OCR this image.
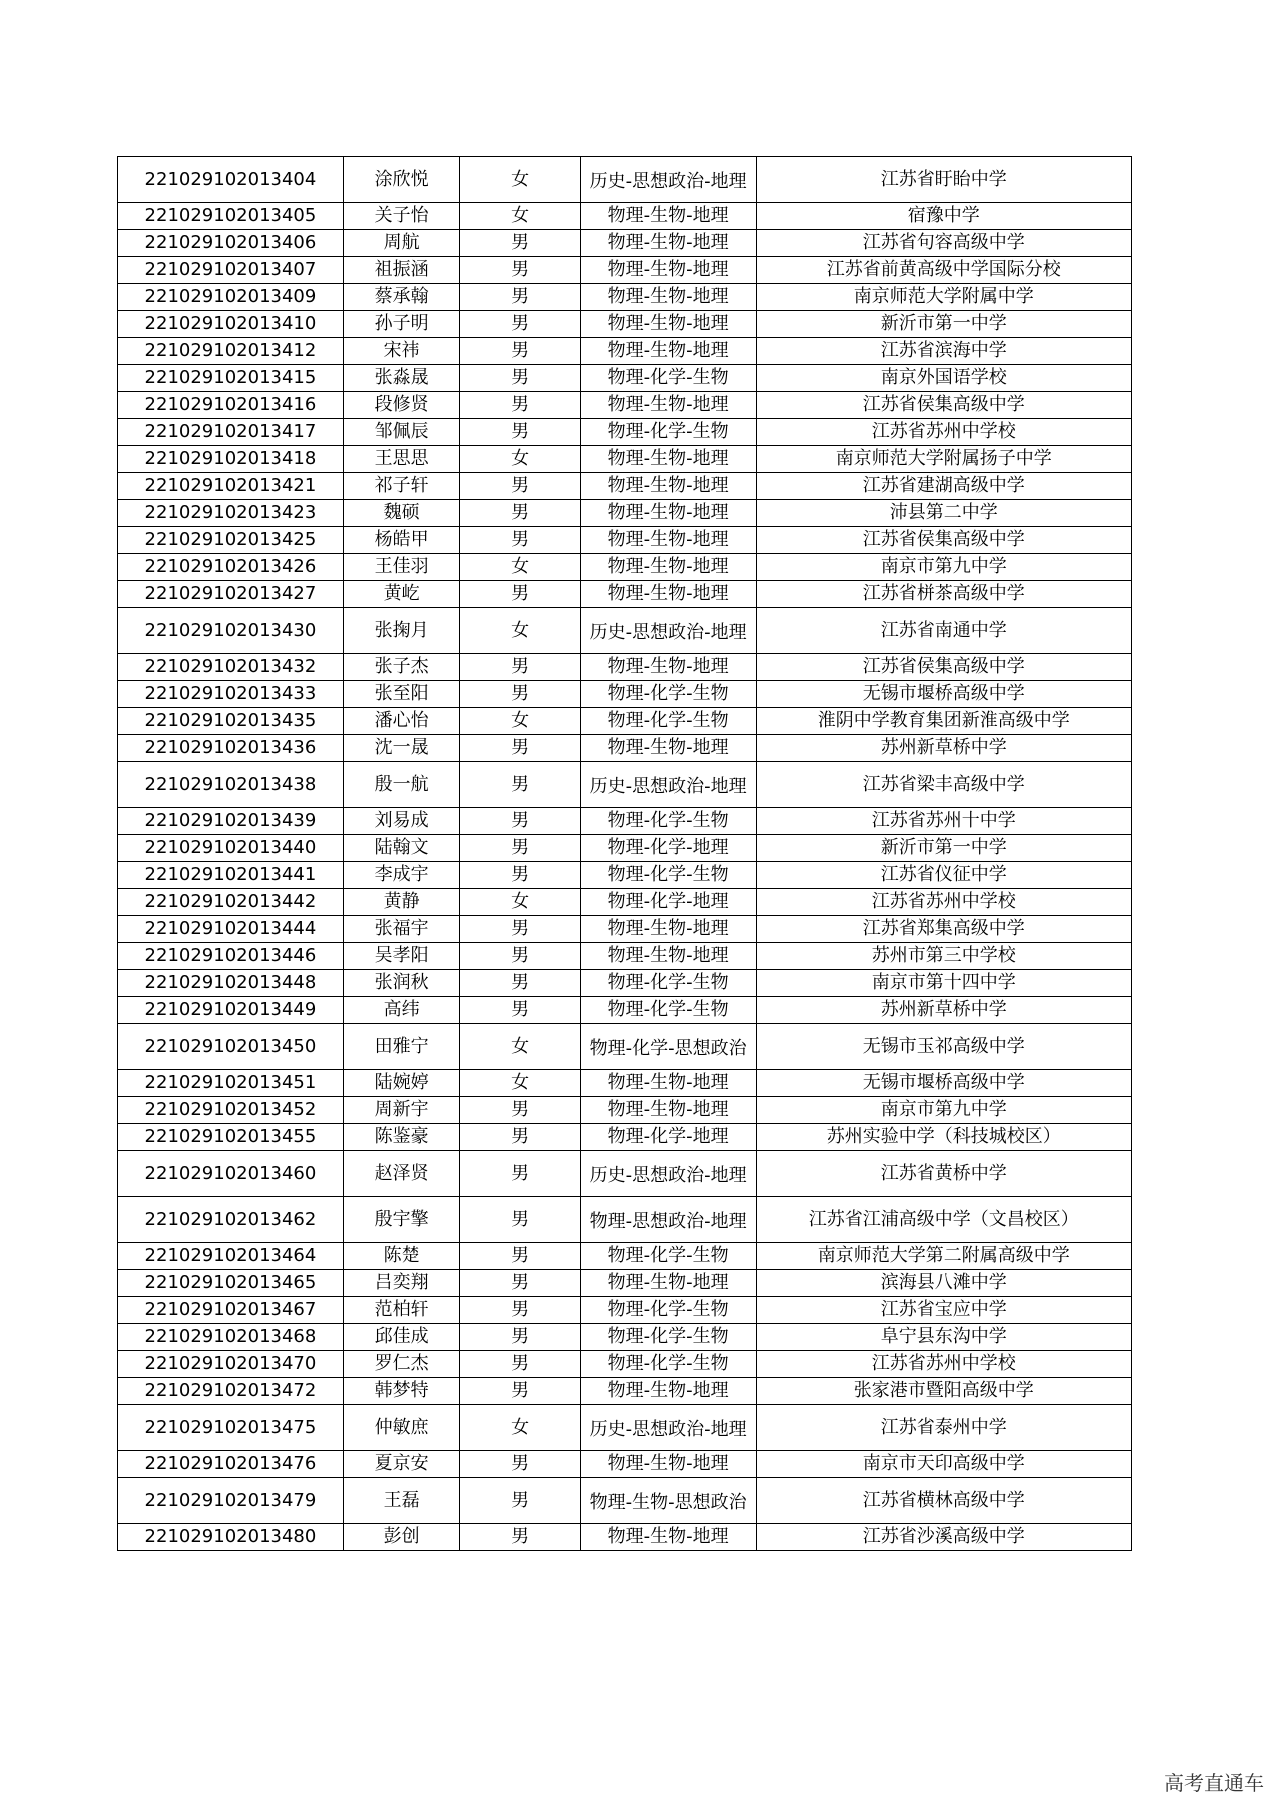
221029102013404	涂欣悦	女	历史-思想政治-地理	江苏省盱眙中学
221029102013405	关子怡	女	物理-生物-地理	宿豫中学
221029102013406	周航	男	物理-生物-地理	江苏省句容高级中学
221029102013407	祖振涵	男	物理-生物-地理	江苏省前黄高级中学国际分校
221029102013409	蔡承翰	男	物理-生物-地理	南京师范大学附属中学
221029102013410	孙子明	男	物理-生物-地理	新沂市第一中学
221029102013412	宋祎	男	物理-生物-地理	江苏省滨海中学
221029102013415	张淼晟	男	物理-化学-生物	南京外国语学校
221029102013416	段修贤	男	物理-生物-地理	江苏省侯集高级中学
221029102013417	邹佩辰	男	物理-化学-生物	江苏省苏州中学校
221029102013418	王思思	女	物理-生物-地理	南京师范大学附属扬子中学
221029102013421	祁子轩	男	物理-生物-地理	江苏省建湖高级中学
221029102013423	魏硕	男	物理-生物-地理	沛县第二中学
221029102013425	杨皓甲	男	物理-生物-地理	江苏省侯集高级中学
221029102013426	王佳羽	女	物理-生物-地理	南京市第九中学
221029102013427	黄屹	男	物理-生物-地理	江苏省栟茶高级中学
221029102013430	张掬月	女	历史-思想政治-地理	江苏省南通中学
221029102013432	张子杰	男	物理-生物-地理	江苏省侯集高级中学
221029102013433	张至阳	男	物理-化学-生物	无锡市堰桥高级中学
221029102013435	潘心怡	女	物理-化学-生物	淮阴中学教育集团新淮高级中学
221029102013436	沈一晟	男	物理-生物-地理	苏州新草桥中学
221029102013438	殷一航	男	历史-思想政治-地理	江苏省梁丰高级中学
221029102013439	刘易成	男	物理-化学-生物	江苏省苏州十中学
221029102013440	陆翰文	男	物理-化学-地理	新沂市第一中学
221029102013441	李成宇	男	物理-化学-生物	江苏省仪征中学
221029102013442	黄静	女	物理-化学-地理	江苏省苏州中学校
221029102013444	张福宇	男	物理-生物-地理	江苏省郑集高级中学
221029102013446	吴孝阳	男	物理-生物-地理	苏州市第三中学校
221029102013448	张润秋	男	物理-化学-生物	南京市第十四中学
221029102013449	高纬	男	物理-化学-生物	苏州新草桥中学
221029102013450	田雅宁	女	物理-化学-思想政治	无锡市玉祁高级中学
221029102013451	陆婉婷	女	物理-生物-地理	无锡市堰桥高级中学
221029102013452	周新宇	男	物理-生物-地理	南京市第九中学
221029102013455	陈鉴豪	男	物理-化学-地理	苏州实验中学（科技城校区）
221029102013460	赵泽贤	男	历史-思想政治-地理	江苏省黄桥中学
221029102013462	殷宇擎	男	物理-思想政治-地理	江苏省江浦高级中学（文昌校区）
221029102013464	陈楚	男	物理-化学-生物	南京师范大学第二附属高级中学
221029102013465	吕奕翔	男	物理-生物-地理	滨海县八滩中学
221029102013467	范柏轩	男	物理-化学-生物	江苏省宝应中学
221029102013468	邱佳成	男	物理-化学-生物	阜宁县东沟中学
221029102013470	罗仁杰	男	物理-化学-生物	江苏省苏州中学校
221029102013472	韩梦特	男	物理-生物-地理	张家港市暨阳高级中学
221029102013475	仲敏庶	女	历史-思想政治-地理	江苏省泰州中学
221029102013476	夏京安	男	物理-生物-地理	南京市天印高级中学
221029102013479	王磊	男	物理-生物-思想政治	江苏省横林高级中学
221029102013480	彭创	男	物理-生物-地理	江苏省沙溪高级中学
高考直通车
